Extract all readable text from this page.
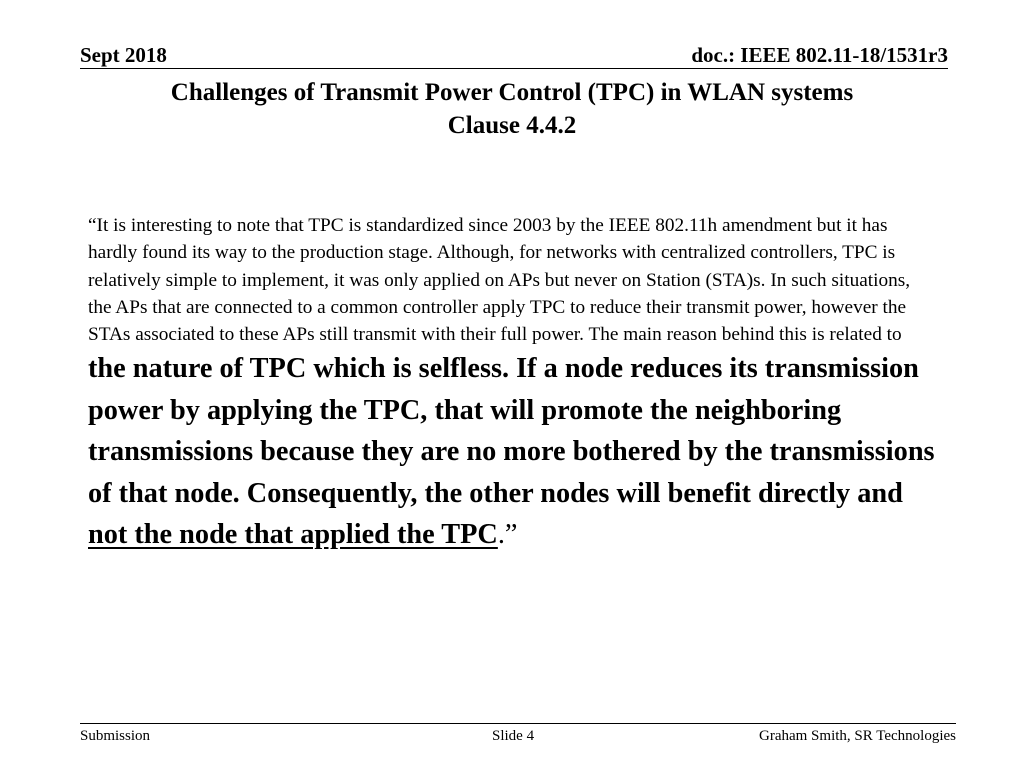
Sept 2018	doc.: IEEE 802.11-18/1531r3
Challenges of Transmit Power Control (TPC) in WLAN systems
Clause 4.4.2
“It is interesting to note that TPC is standardized since 2003 by the IEEE 802.11h amendment but it has hardly found its way to the production stage. Although, for networks with centralized controllers, TPC is relatively simple to implement, it was only applied on APs but never on Station (STA)s. In such situations, the APs that are connected to a common controller apply TPC to reduce their transmit power, however the STAs associated to these APs still transmit with their full power. The main reason behind this is related to the nature of TPC which is selfless. If a node reduces its transmission power by applying the TPC, that will promote the neighboring transmissions because they are no more bothered by the transmissions of that node. Consequently, the other nodes will benefit directly and not the node that applied the TPC.”
Submission	Slide 4	Graham Smith, SR Technologies
